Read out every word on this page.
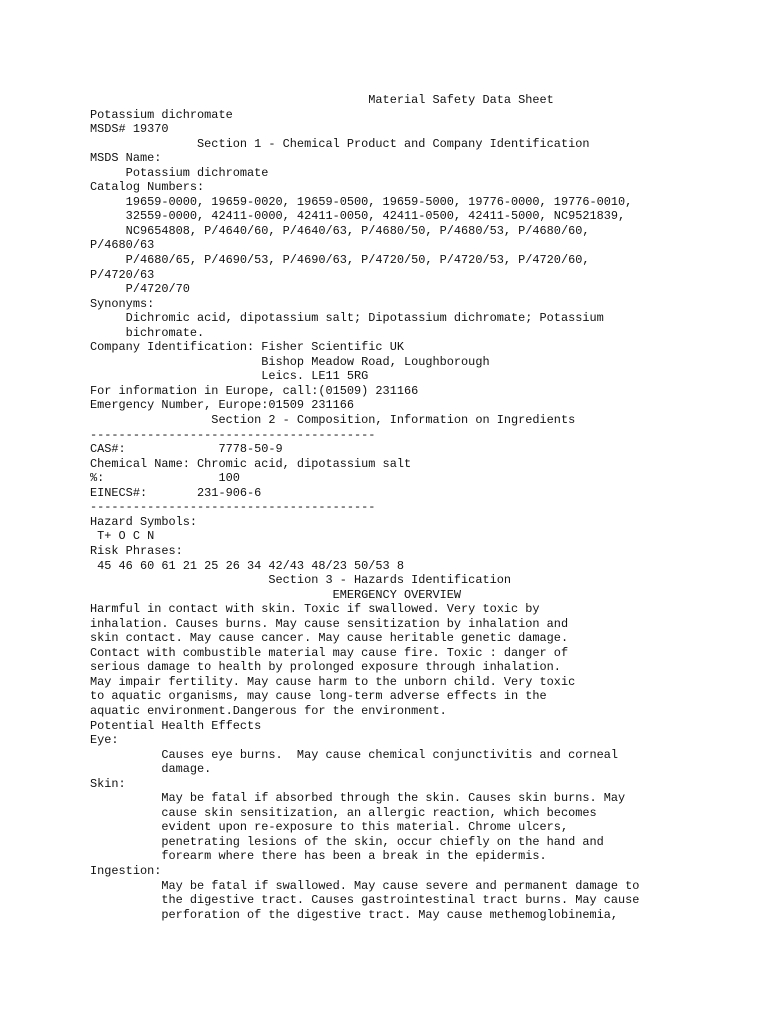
Material Safety Data Sheet
Potassium dichromate
MSDS# 19370
Section 1 - Chemical Product and Company Identification
MSDS Name:
Potassium dichromate
Catalog Numbers:
19659-0000, 19659-0020, 19659-0500, 19659-5000, 19776-0000, 19776-0010,
32559-0000, 42411-0000, 42411-0050, 42411-0500, 42411-5000, NC9521839,
NC9654808, P/4640/60, P/4640/63, P/4680/50, P/4680/53, P/4680/60,
P/4680/63
P/4680/65, P/4690/53, P/4690/63, P/4720/50, P/4720/53, P/4720/60,
P/4720/63
P/4720/70
Synonyms:
Dichromic acid, dipotassium salt; Dipotassium dichromate; Potassium
bichromate.
Company Identification: Fisher Scientific UK
Bishop Meadow Road, Loughborough
Leics. LE11 5RG
For information in Europe, call:(01509) 231166
Emergency Number, Europe:01509 231166
Section 2 - Composition, Information on Ingredients
----------------------------------------
CAS#:             7778-50-9
Chemical Name: Chromic acid, dipotassium salt
%:                100
EINECS#:       231-906-6
----------------------------------------
Hazard Symbols:
T+ O C N
Risk Phrases:
45 46 60 61 21 25 26 34 42/43 48/23 50/53 8
Section 3 - Hazards Identification
EMERGENCY OVERVIEW
Harmful in contact with skin. Toxic if swallowed. Very toxic by
inhalation. Causes burns. May cause sensitization by inhalation and
skin contact. May cause cancer. May cause heritable genetic damage.
Contact with combustible material may cause fire. Toxic : danger of
serious damage to health by prolonged exposure through inhalation.
May impair fertility. May cause harm to the unborn child. Very toxic
to aquatic organisms, may cause long-term adverse effects in the
aquatic environment.Dangerous for the environment.
Potential Health Effects
Eye:
Causes eye burns.  May cause chemical conjunctivitis and corneal
damage.
Skin:
May be fatal if absorbed through the skin. Causes skin burns. May
cause skin sensitization, an allergic reaction, which becomes
evident upon re-exposure to this material. Chrome ulcers,
penetrating lesions of the skin, occur chiefly on the hand and
forearm where there has been a break in the epidermis.
Ingestion:
May be fatal if swallowed. May cause severe and permanent damage to
the digestive tract. Causes gastrointestinal tract burns. May cause
perforation of the digestive tract. May cause methemoglobinemia,
